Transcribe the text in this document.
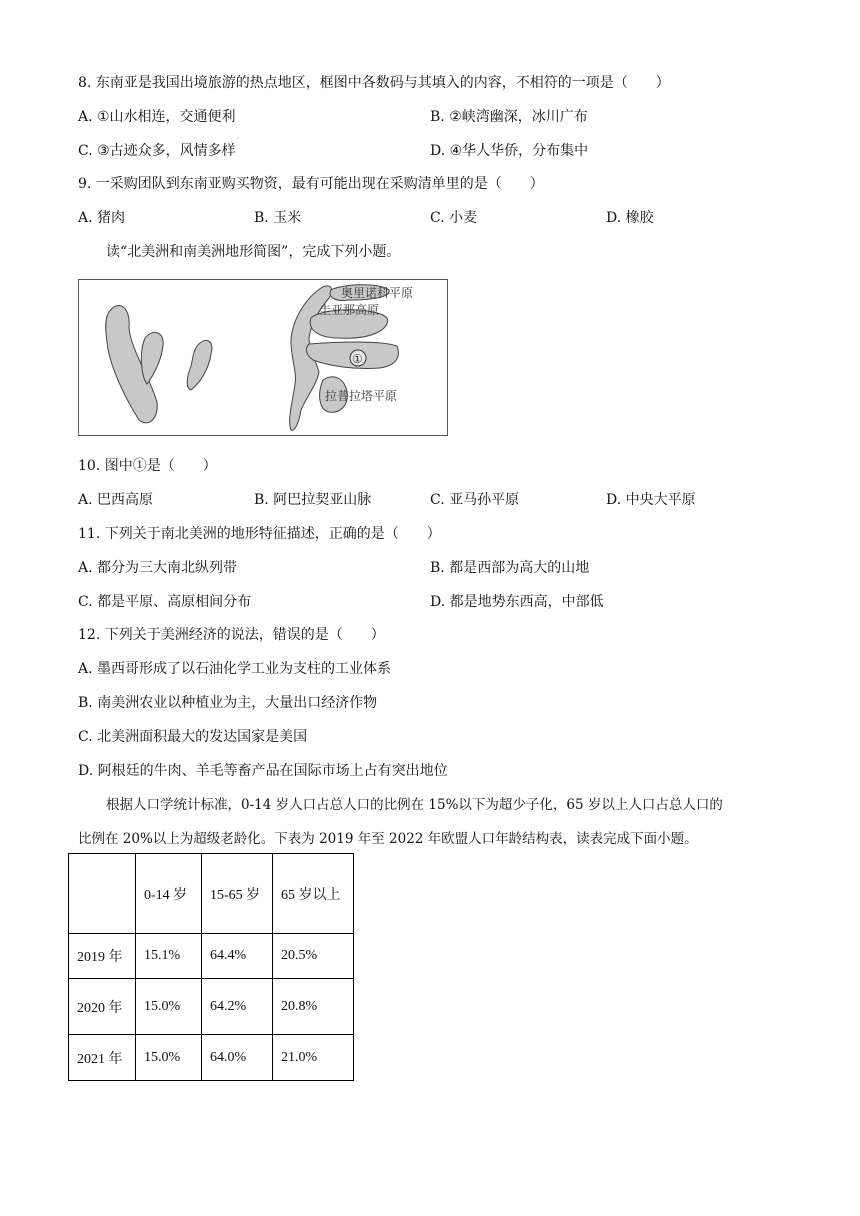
8. 东南亚是我国出境旅游的热点地区，框图中各数码与其填入的内容，不相符的一项是（　　）
A. ①山水相连，交通便利	B. ②峡湾幽深，冰川广布
C. ③古迹众多，风情多样	D. ④华人华侨，分布集中
9. 一采购团队到东南亚购买物资，最有可能出现在采购清单里的是（　　）
A. 猪肉	B. 玉米	C. 小麦	D. 橡胶
读“北美洲和南美洲地形简图”，完成下列小题。
奥里诺科平原
圭亚那高原
①
拉普拉塔平原
10. 图中①是（　　）
A. 巴西高原	B. 阿巴拉契亚山脉	C. 亚马孙平原	D. 中央大平原
11. 下列关于南北美洲的地形特征描述，正确的是（　　）
A. 都分为三大南北纵列带	B. 都是西部为高大的山地
C. 都是平原、高原相间分布	D. 都是地势东西高，中部低
12. 下列关于美洲经济的说法，错误的是（　　）
A. 墨西哥形成了以石油化学工业为支柱的工业体系
B. 南美洲农业以种植业为主，大量出口经济作物
C. 北美洲面积最大的发达国家是美国
D. 阿根廷的牛肉、羊毛等畜产品在国际市场上占有突出地位
根据人口学统计标准，0-14 岁人口占总人口的比例在 15%以下为超少子化，65 岁以上人口占总人口的
比例在 20%以上为超级老龄化。下表为 2019 年至 2022 年欧盟人口年龄结构表，读表完成下面小题。
	0-14 岁	15-65 岁	65 岁以上
2019 年	15.1%	64.4%	20.5%
2020 年	15.0%	64.2%	20.8%
2021 年	15.0%	64.0%	21.0%
